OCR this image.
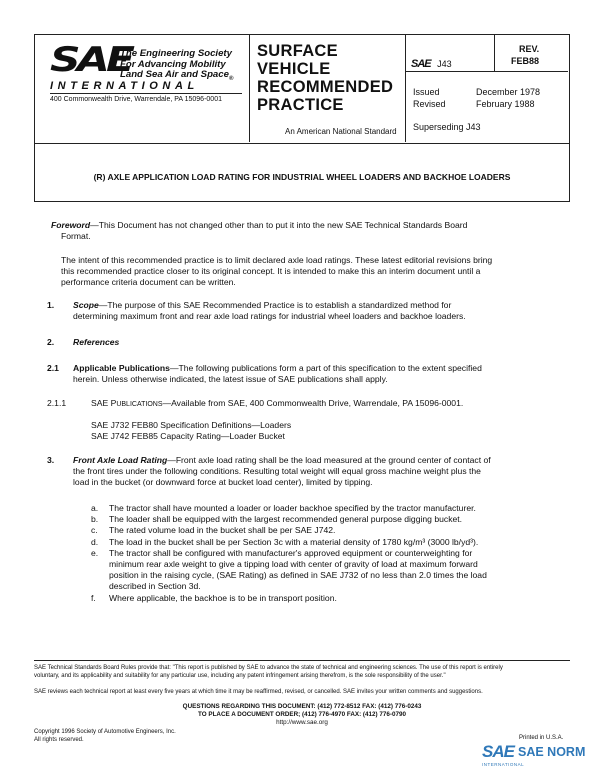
SAE
The Engineering Society
For Advancing Mobility
Land Sea Air and Space$_®$
INTERNATIONAL
400 Commonwealth Drive, Warrendale, PA 15096-0001
SURFACE
VEHICLE
RECOMMENDED
PRACTICE
An American National Standard
SAE J43
REV.
FEB88
Issued	December 1978
Revised	February 1988
Superseding J43
(R) AXLE APPLICATION LOAD RATING FOR INDUSTRIAL WHEEL LOADERS AND BACKHOE LOADERS

Foreword—This Document has not changed other than to put it into the new SAE Technical Standards Board

Format.

The intent of this recommended practice is to limit declared axle load ratings. These latest editorial revisions bring

this recommended practice closer to its original concept. It is intended to make this an interim document until a

performance criteria document can be written.

1. Scope—The purpose of this SAE Recommended Practice is to establish a standardized method for

determining maximum front and rear axle load ratings for industrial wheel loaders and backhoe loaders.

2. References
2.1 Applicable Publications—The following publications form a part of this specification to the extent specified

herein. Unless otherwise indicated, the latest issue of SAE publications shall apply.

2.1.1	SAE PUBLICATIONS—Available from SAE, 400 Commonwealth Drive, Warrendale, PA 15096-0001.

SAE J732 FEB80 Specification Definitions—Loaders

SAE J742 FEB85 Capacity Rating—Loader Bucket

3. Front Axle Load Rating—Front axle load rating shall be the load measured at the ground center of contact of

the front tires under the following conditions. Resulting total weight will equal gross machine weight plus the

load in the bucket (or downward force at bucket load center), limited by tipping.

a. The tractor shall have mounted a loader or loader backhoe specified by the tractor manufacturer.

b. The loader shall be equipped with the largest recommended general purpose digging bucket.

c. The rated volume load in the bucket shall be per SAE J742.

d. The load in the bucket shall be per Section 3c with a material density of 1780 kg/m³ (3000 lb/yd³).

e. The tractor shall be configured with manufacturer's approved equipment or counterweighting for

minimum rear axle weight to give a tipping load with center of gravity of load at maximum forward

position in the raising cycle, (SAE Rating) as defined in SAE J732 of no less than 2.0 times the load

described in Section 3d.

f. Where applicable, the backhoe is to be in transport position.

SAE Technical Standards Board Rules provide that: "This report is published by SAE to advance the state of technical and engineering sciences. The use of this report is entirely
voluntary, and its applicability and suitability for any particular use, including any patent infringement arising therefrom, is the sole responsibility of the user."
SAE reviews each technical report at least every five years at which time it may be reaffirmed, revised, or cancelled. SAE invites your written comments and suggestions.
QUESTIONS REGARDING THIS DOCUMENT: (412) 772-8512 FAX: (412) 776-0243
TO PLACE A DOCUMENT ORDER; (412) 776-4970 FAX: (412) 776-0790
http://www.sae.org
Copyright 1996 Society of Automotive Engineers, Inc.
All rights reserved.	Printed in U.S.A.
SAE SAE NORM
INTERNATIONAL
